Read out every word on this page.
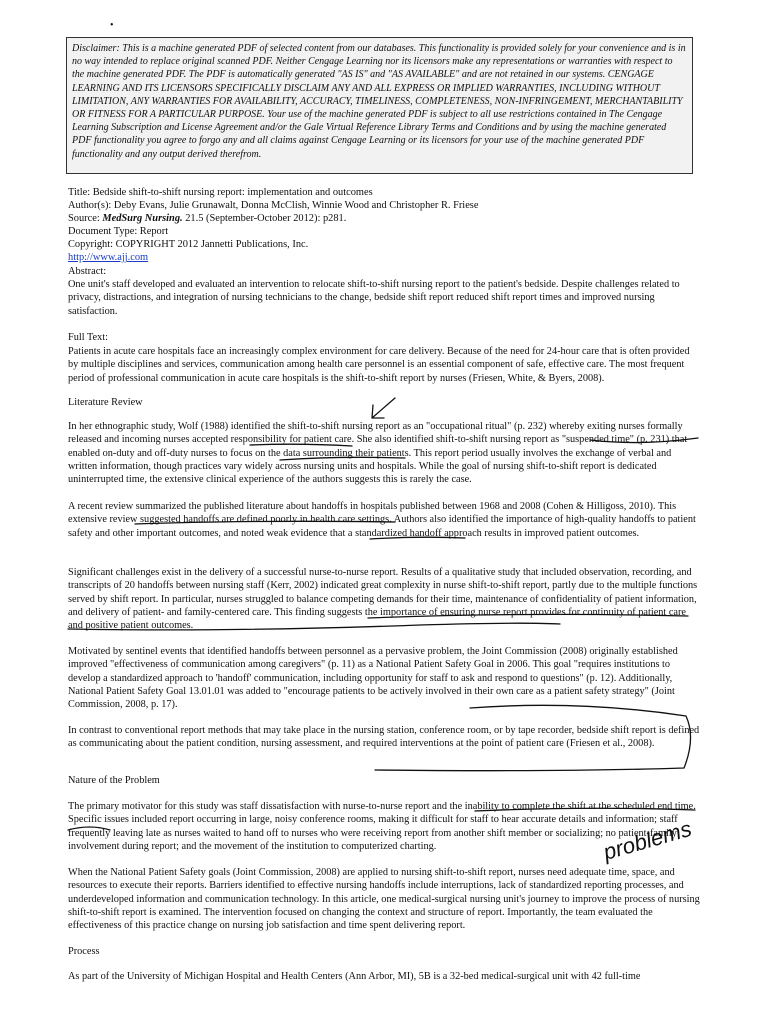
•
Disclaimer: This is a machine generated PDF of selected content from our databases. This functionality is provided solely for your convenience and is in no way intended to replace original scanned PDF. Neither Cengage Learning nor its licensors make any representations or warranties with respect to the machine generated PDF. The PDF is automatically generated "AS IS" and "AS AVAILABLE" and are not retained in our systems. CENGAGE LEARNING AND ITS LICENSORS SPECIFICALLY DISCLAIM ANY AND ALL EXPRESS OR IMPLIED WARRANTIES, INCLUDING WITHOUT LIMITATION, ANY WARRANTIES FOR AVAILABILITY, ACCURACY, TIMELINESS, COMPLETENESS, NON-INFRINGEMENT, MERCHANTABILITY OR FITNESS FOR A PARTICULAR PURPOSE. Your use of the machine generated PDF is subject to all use restrictions contained in The Cengage Learning Subscription and License Agreement and/or the Gale Virtual Reference Library Terms and Conditions and by using the machine generated PDF functionality you agree to forgo any and all claims against Cengage Learning or its licensors for your use of the machine generated PDF functionality and any output derived therefrom.
Title: Bedside shift-to-shift nursing report: implementation and outcomes
Author(s): Deby Evans, Julie Grunawalt, Donna McClish, Winnie Wood and Christopher R. Friese
Source: MedSurg Nursing. 21.5 (September-October 2012): p281.
Document Type: Report
Copyright: COPYRIGHT 2012 Jannetti Publications, Inc.
http://www.ajj.com
Abstract:

One unit's staff developed and evaluated an intervention to relocate shift-to-shift nursing report to the patient's bedside. Despite challenges related to privacy, distractions, and integration of nursing technicians to the change, bedside shift report reduced shift report times and improved nursing satisfaction.

Full Text:

Patients in acute care hospitals face an increasingly complex environment for care delivery. Because of the need for 24-hour care that is often provided by multiple disciplines and services, communication among health care personnel is an essential component of safe, effective care. The most frequent period of professional communication in acute care hospitals is the shift-to-shift report by nurses (Friesen, White, & Byers, 2008).

Literature Review

In her ethnographic study, Wolf (1988) identified the shift-to-shift nursing report as an "occupational ritual" (p. 232) whereby exiting nurses formally released and incoming nurses accepted responsibility for patient care. She also identified shift-to-shift nursing report as "suspended time" (p. 231) that enabled on-duty and off-duty nurses to focus on the data surrounding their patients. This report period usually involves the exchange of verbal and written information, though practices vary widely across nursing units and hospitals. While the goal of nursing shift-to-shift report is dedicated uninterrupted time, the extensive clinical experience of the authors suggests this is rarely the case.

A recent review summarized the published literature about handoffs in hospitals published between 1968 and 2008 (Cohen & Hilligoss, 2010). This extensive review suggested handoffs are defined poorly in health care settings. Authors also identified the importance of high-quality handoffs to patient safety and other important outcomes, and noted weak evidence that a standardized handoff approach results in improved patient outcomes.

Significant challenges exist in the delivery of a successful nurse-to-nurse report. Results of a qualitative study that included observation, recording, and transcripts of 20 handoffs between nursing staff (Kerr, 2002) indicated great complexity in nurse shift-to-shift report, partly due to the multiple functions served by shift report. In particular, nurses struggled to balance competing demands for their time, maintenance of confidentiality of patient information, and delivery of patient- and family-centered care. This finding suggests the importance of ensuring nurse report provides for continuity of patient care and positive patient outcomes.

Motivated by sentinel events that identified handoffs between personnel as a pervasive problem, the Joint Commission (2008) originally established improved "effectiveness of communication among caregivers" (p. 11) as a National Patient Safety Goal in 2006. This goal "requires institutions to develop a standardized approach to 'handoff' communication, including opportunity for staff to ask and respond to questions" (p. 12). Additionally, National Patient Safety Goal 13.01.01 was added to "encourage patients to be actively involved in their own care as a patient safety strategy" (Joint Commission, 2008, p. 17).

In contrast to conventional report methods that may take place in the nursing station, conference room, or by tape recorder, bedside shift report is defined as communicating about the patient condition, nursing assessment, and required interventions at the point of patient care (Friesen et al., 2008).

Nature of the Problem

The primary motivator for this study was staff dissatisfaction with nurse-to-nurse report and the inability to complete the shift at the scheduled end time. Specific issues included report occurring in large, noisy conference rooms, making it difficult for staff to hear accurate details and information; staff frequently leaving late as nurses waited to hand off to nurses who were receiving report from another shift member or socializing; no patient-family involvement during report; and the movement of the institution to computerized charting.

When the National Patient Safety goals (Joint Commission, 2008) are applied to nursing shift-to-shift report, nurses need adequate time, space, and resources to execute their reports. Barriers identified to effective nursing handoffs include interruptions, lack of standardized reporting processes, and underdeveloped information and communication technology. In this article, one medical-surgical nursing unit's journey to improve the process of nursing shift-to-shift report is examined. The intervention focused on changing the context and structure of report. Importantly, the team evaluated the effectiveness of this practice change on nursing job satisfaction and time spent delivering report.

Process

As part of the University of Michigan Hospital and Health Centers (Ann Arbor, MI), 5B is a 32-bed medical-surgical unit with 42 full-time

problems
